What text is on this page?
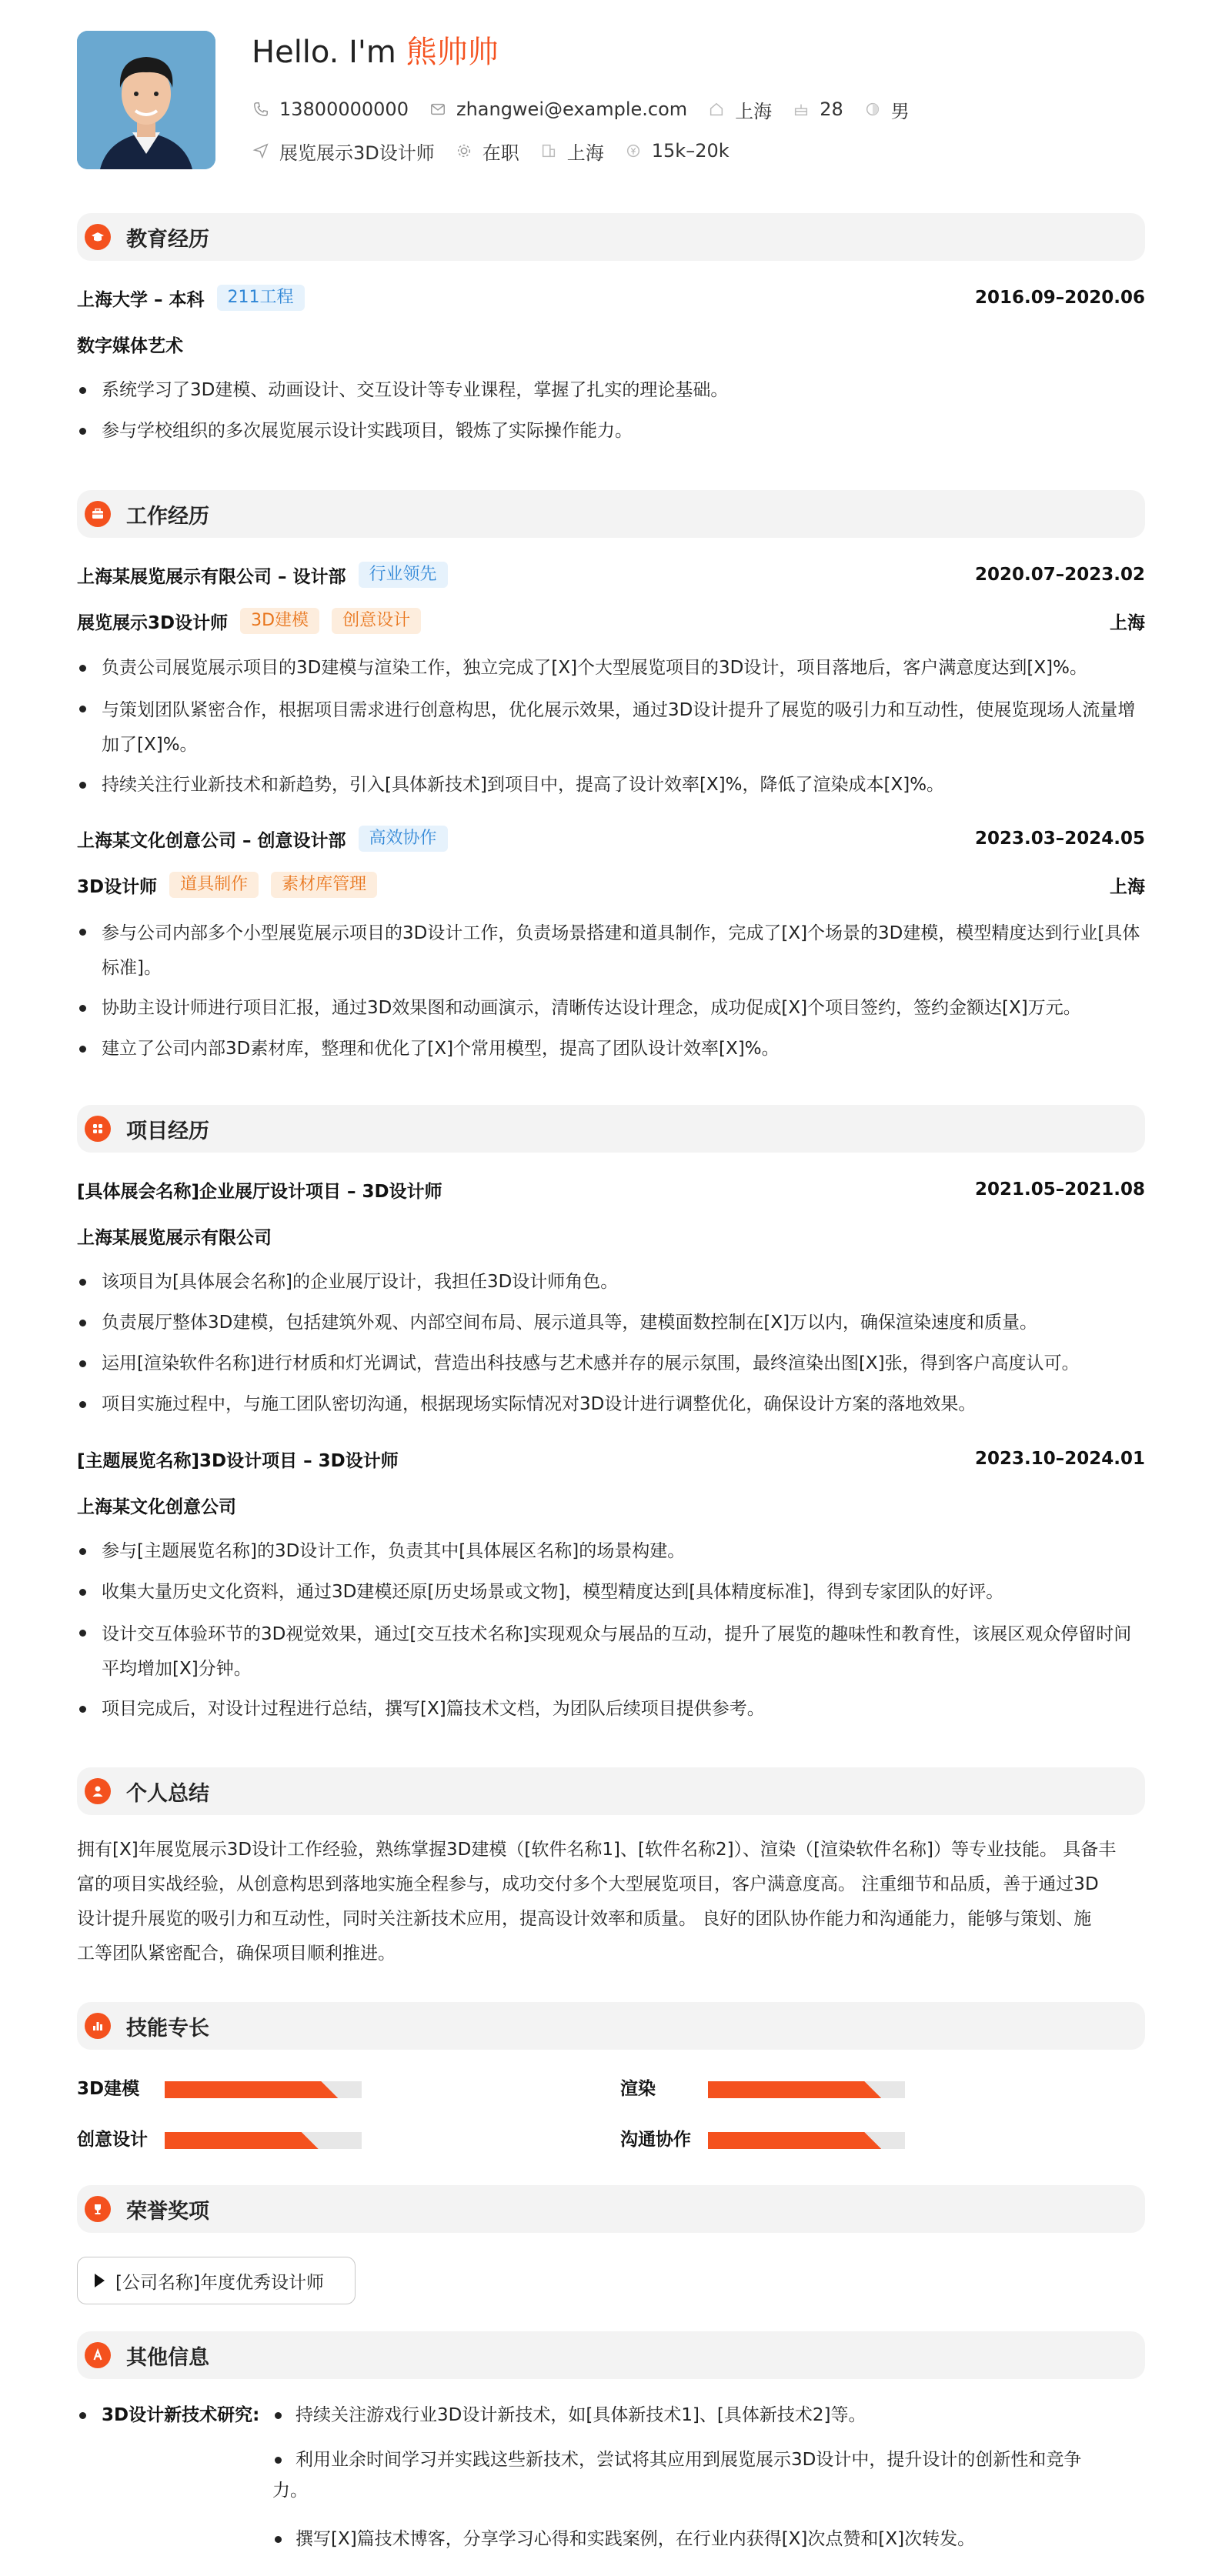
Hello. I'm 熊帅帅
13800000000	zhangwei@example.com	上海	28	男
展览展示3D设计师	在职	上海	15k–20k
教育经历
上海大学 – 本科	211工程	2016.09–2020.06
数字媒体艺术
系统学习了3D建模、动画设计、交互设计等专业课程，掌握了扎实的理论基础。
参与学校组织的多次展览展示设计实践项目，锻炼了实际操作能力。
工作经历
上海某展览展示有限公司 – 设计部	行业领先	2020.07–2023.02
展览展示3D设计师	3D建模	创意设计	上海
负责公司展览展示项目的3D建模与渲染工作，独立完成了[X]个大型展览项目的3D设计，项目落地后，客户满意度达到[X]%。
与策划团队紧密合作，根据项目需求进行创意构思，优化展示效果，通过3D设计提升了展览的吸引力和互动性，使展览现场人流量增加了[X]%。
持续关注行业新技术和新趋势，引入[具体新技术]到项目中，提高了设计效率[X]%，降低了渲染成本[X]%。
上海某文化创意公司 – 创意设计部	高效协作	2023.03–2024.05
3D设计师	道具制作	素材库管理	上海
参与公司内部多个小型展览展示项目的3D设计工作，负责场景搭建和道具制作，完成了[X]个场景的3D建模，模型精度达到行业[具体标准]。
协助主设计师进行项目汇报，通过3D效果图和动画演示，清晰传达设计理念，成功促成[X]个项目签约，签约金额达[X]万元。
建立了公司内部3D素材库，整理和优化了[X]个常用模型，提高了团队设计效率[X]%。
项目经历
[具体展会名称]企业展厅设计项目 – 3D设计师	2021.05–2021.08
上海某展览展示有限公司
该项目为[具体展会名称]的企业展厅设计，我担任3D设计师角色。
负责展厅整体3D建模，包括建筑外观、内部空间布局、展示道具等，建模面数控制在[X]万以内，确保渲染速度和质量。
运用[渲染软件名称]进行材质和灯光调试，营造出科技感与艺术感并存的展示氛围，最终渲染出图[X]张，得到客户高度认可。
项目实施过程中，与施工团队密切沟通，根据现场实际情况对3D设计进行调整优化，确保设计方案的落地效果。
[主题展览名称]3D设计项目 – 3D设计师	2023.10–2024.01
上海某文化创意公司
参与[主题展览名称]的3D设计工作，负责其中[具体展区名称]的场景构建。
收集大量历史文化资料，通过3D建模还原[历史场景或文物]，模型精度达到[具体精度标准]，得到专家团队的好评。
设计交互体验环节的3D视觉效果，通过[交互技术名称]实现观众与展品的互动，提升了展览的趣味性和教育性，该展区观众停留时间平均增加[X]分钟。
项目完成后，对设计过程进行总结，撰写[X]篇技术文档，为团队后续项目提供参考。
个人总结
拥有[X]年展览展示3D设计工作经验，熟练掌握3D建模（[软件名称1]、[软件名称2]）、渲染（[渲染软件名称]）等专业技能。 具备丰
富的项目实战经验，从创意构思到落地实施全程参与，成功交付多个大型展览项目，客户满意度高。 注重细节和品质，善于通过3D
设计提升展览的吸引力和互动性，同时关注新技术应用，提高设计效率和质量。 良好的团队协作能力和沟通能力，能够与策划、施
工等团队紧密配合，确保项目顺利推进。
技能专长
3D建模	渲染
创意设计	沟通协作
荣誉奖项
[公司名称]年度优秀设计师
其他信息
3D设计新技术研究:	持续关注游戏行业3D设计新技术，如[具体新技术1]、[具体新技术2]等。
利用业余时间学习并实践这些新技术，尝试将其应用到展览展示3D设计中，提升设计的创新性和竞争
力。
撰写[X]篇技术博客，分享学习心得和实践案例，在行业内获得[X]次点赞和[X]次转发。
